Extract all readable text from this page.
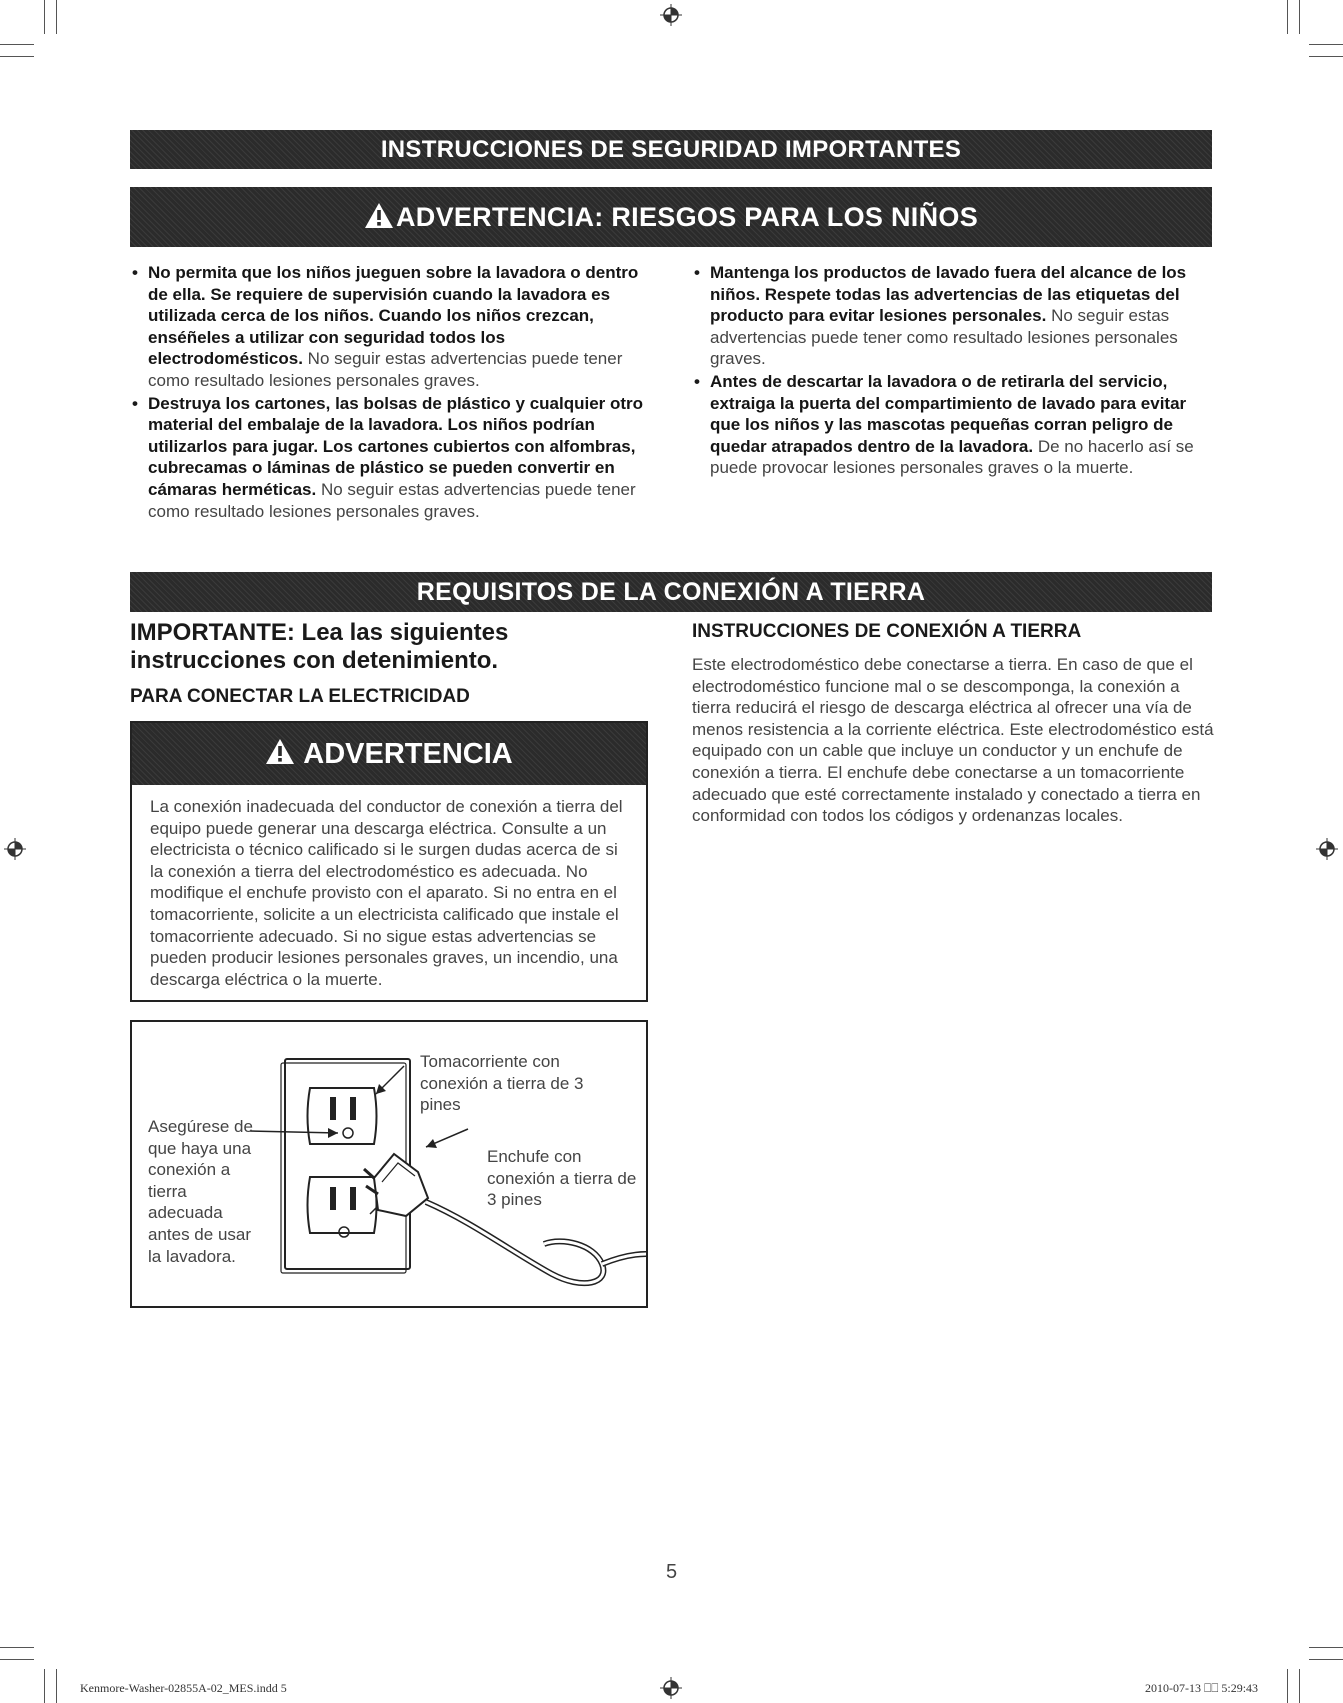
INSTRUCCIONES DE SEGURIDAD IMPORTANTES
ADVERTENCIA: RIESGOS PARA LOS NIÑOS
• No permita que los niños jueguen sobre la lavadora o dentro de ella. Se requiere de supervisión cuando la lavadora es utilizada cerca de los niños. Cuando los niños crezcan, enséñeles a utilizar con seguridad todos los electrodomésticos. No seguir estas advertencias puede tener como resultado lesiones personales graves.
• Destruya los cartones, las bolsas de plástico y cualquier otro material del embalaje de la lavadora. Los niños podrían utilizarlos para jugar. Los cartones cubiertos con alfombras, cubrecamas o láminas de plástico se pueden convertir en cámaras herméticas. No seguir estas advertencias puede tener como resultado lesiones personales graves.
• Mantenga los productos de lavado fuera del alcance de los niños. Respete todas las advertencias de las etiquetas del producto para evitar lesiones personales. No seguir estas advertencias puede tener como resultado lesiones personales graves.
• Antes de descartar la lavadora o de retirarla del servicio, extraiga la puerta del compartimiento de lavado para evitar que los niños y las mascotas pequeñas corran peligro de quedar atrapados dentro de la lavadora. De no hacerlo así se puede provocar lesiones personales graves o la muerte.
REQUISITOS DE LA CONEXIÓN A TIERRA
IMPORTANTE: Lea las siguientes instrucciones con detenimiento.
PARA CONECTAR LA ELECTRICIDAD
ADVERTENCIA
La conexión inadecuada del conductor de conexión a tierra del equipo puede generar una descarga eléctrica. Consulte a un electricista o técnico calificado si le surgen dudas acerca de si la conexión a tierra del electrodoméstico es adecuada. No modifique el enchufe provisto con el aparato. Si no entra en el tomacorriente, solicite a un electricista calificado que instale el tomacorriente adecuado. Si no sigue estas advertencias se pueden producir lesiones personales graves, un incendio, una descarga eléctrica o la muerte.
Tomacorriente con conexión a tierra de 3 pines
Enchufe con conexión a tierra de 3 pines
Asegúrese de que haya una conexión a tierra adecuada antes de usar la lavadora.
INSTRUCCIONES DE CONEXIÓN A TIERRA
Este electrodoméstico debe conectarse a tierra. En caso de que el electrodoméstico funcione mal o se descomponga, la conexión a tierra reducirá el riesgo de descarga eléctrica al ofrecer una vía de menos resistencia a la corriente eléctrica. Este electrodoméstico está equipado con un cable que incluye un conductor y un enchufe de conexión a tierra. El enchufe debe conectarse a un tomacorriente adecuado que esté correctamente instalado y conectado a tierra en conformidad con todos los códigos y ordenanzas locales.
5
Kenmore-Washer-02855A-02_MES.indd 5	2010-07-13 ⎕⎕ 5:29:43
